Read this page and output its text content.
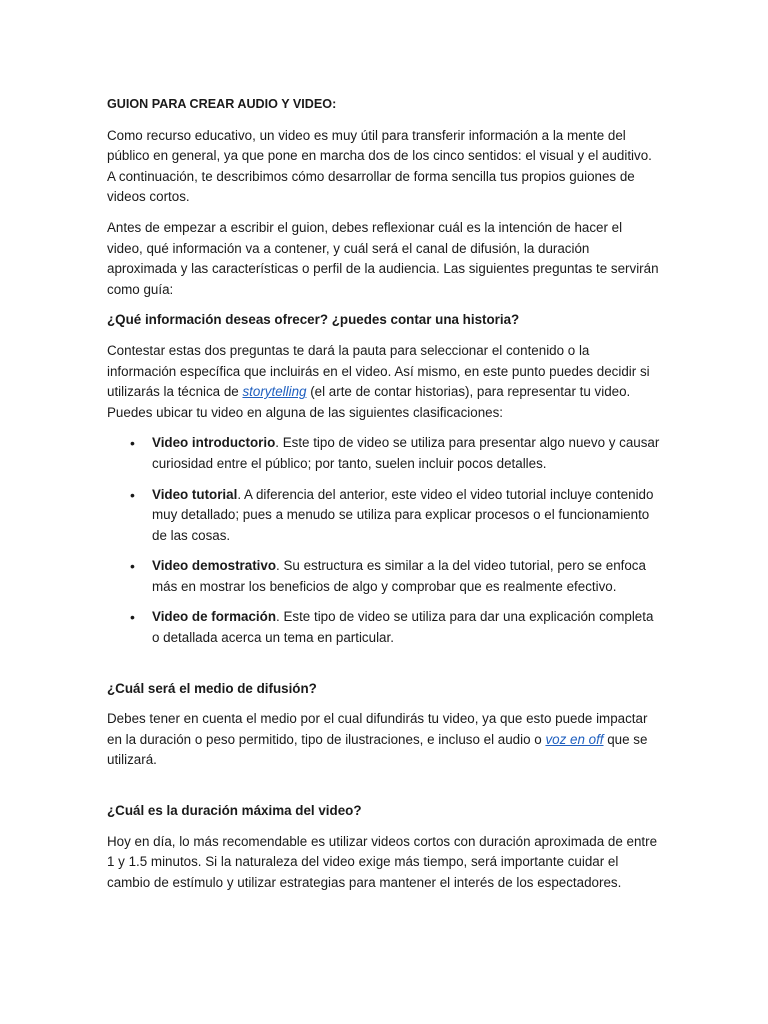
GUION PARA CREAR AUDIO Y VIDEO:

Como recurso educativo, un video es muy útil para transferir información a la mente del público en general, ya que pone en marcha dos de los cinco sentidos: el visual y el auditivo. A continuación, te describimos cómo desarrollar de forma sencilla tus propios guiones de videos cortos.

Antes de empezar a escribir el guion, debes reflexionar cuál es la intención de hacer el video, qué información va a contener, y cuál será el canal de difusión, la duración aproximada y las características o perfil de la audiencia. Las siguientes preguntas te servirán como guía:

¿Qué información deseas ofrecer? ¿puedes contar una historia?

Contestar estas dos preguntas te dará la pauta para seleccionar el contenido o la información específica que incluirás en el video. Así mismo, en este punto puedes decidir si utilizarás la técnica de storytelling (el arte de contar historias), para representar tu video. Puedes ubicar tu video en alguna de las siguientes clasificaciones:

• Video introductorio. Este tipo de video se utiliza para presentar algo nuevo y causar curiosidad entre el público; por tanto, suelen incluir pocos detalles.
• Video tutorial. A diferencia del anterior, este video el video tutorial incluye contenido muy detallado; pues a menudo se utiliza para explicar procesos o el funcionamiento de las cosas.
• Video demostrativo. Su estructura es similar a la del video tutorial, pero se enfoca más en mostrar los beneficios de algo y comprobar que es realmente efectivo.
• Video de formación. Este tipo de video se utiliza para dar una explicación completa o detallada acerca un tema en particular.

¿Cuál será el medio de difusión?

Debes tener en cuenta el medio por el cual difundirás tu video, ya que esto puede impactar en la duración o peso permitido, tipo de ilustraciones, e incluso el audio o voz en off que se utilizará.

¿Cuál es la duración máxima del video?

Hoy en día, lo más recomendable es utilizar videos cortos con duración aproximada de entre 1 y 1.5 minutos. Si la naturaleza del video exige más tiempo, será importante cuidar el cambio de estímulo y utilizar estrategias para mantener el interés de los espectadores.
